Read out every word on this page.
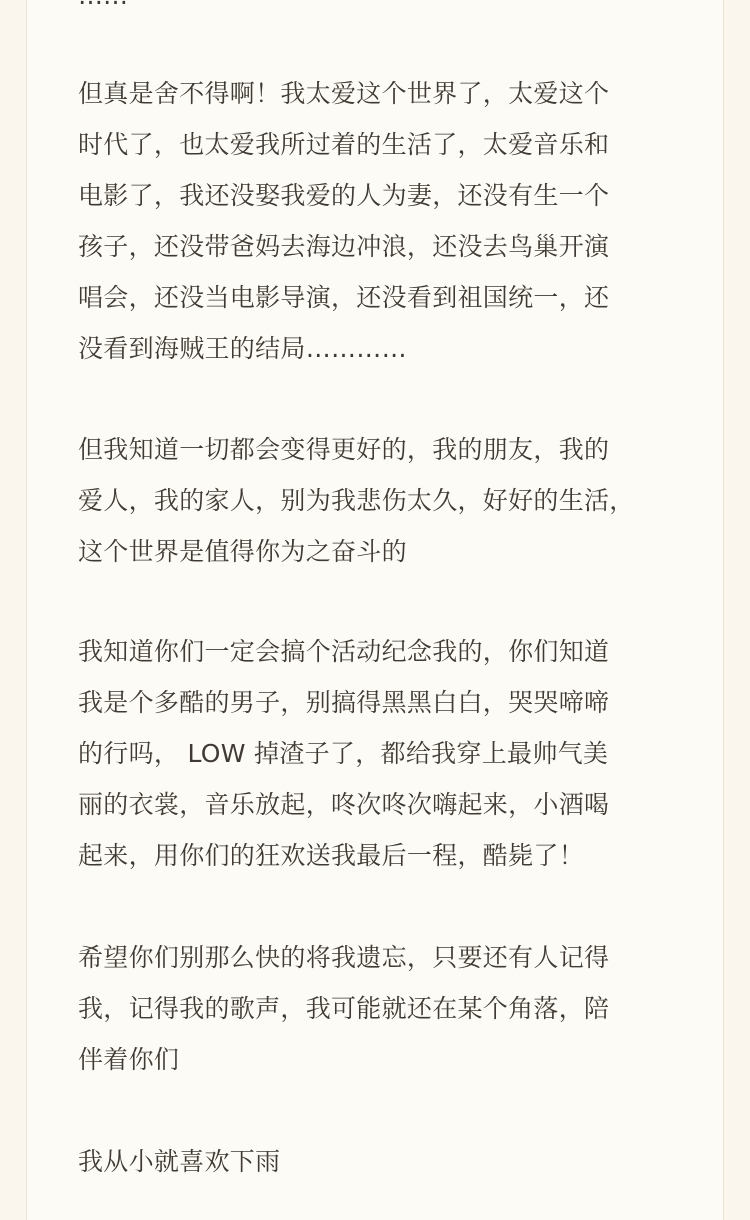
但真是舍不得啊！我太爱这个世界了，太爱这个
时代了，也太爱我所过着的生活了，太爱音乐和
电影了，我还没娶我爱的人为妻，还没有生一个
孩子，还没带爸妈去海边冲浪，还没去鸟巢开演
唱会，还没当电影导演，还没看到祖国统一，还
没看到海贼王的结局…………
但我知道一切都会变得更好的，我的朋友，我的
爱人，我的家人，别为我悲伤太久，好好的生活，
这个世界是值得你为之奋斗的
我知道你们一定会搞个活动纪念我的，你们知道
我是个多酷的男子，别搞得黑黑白白，哭哭啼啼
的行吗， LOW 掉渣子了，都给我穿上最帅气美
丽的衣裳，音乐放起，咚次咚次嗨起来，小酒喝
起来，用你们的狂欢送我最后一程，酷毙了！
希望你们别那么快的将我遗忘，只要还有人记得
我，记得我的歌声，我可能就还在某个角落，陪
伴着你们
我从小就喜欢下雨
